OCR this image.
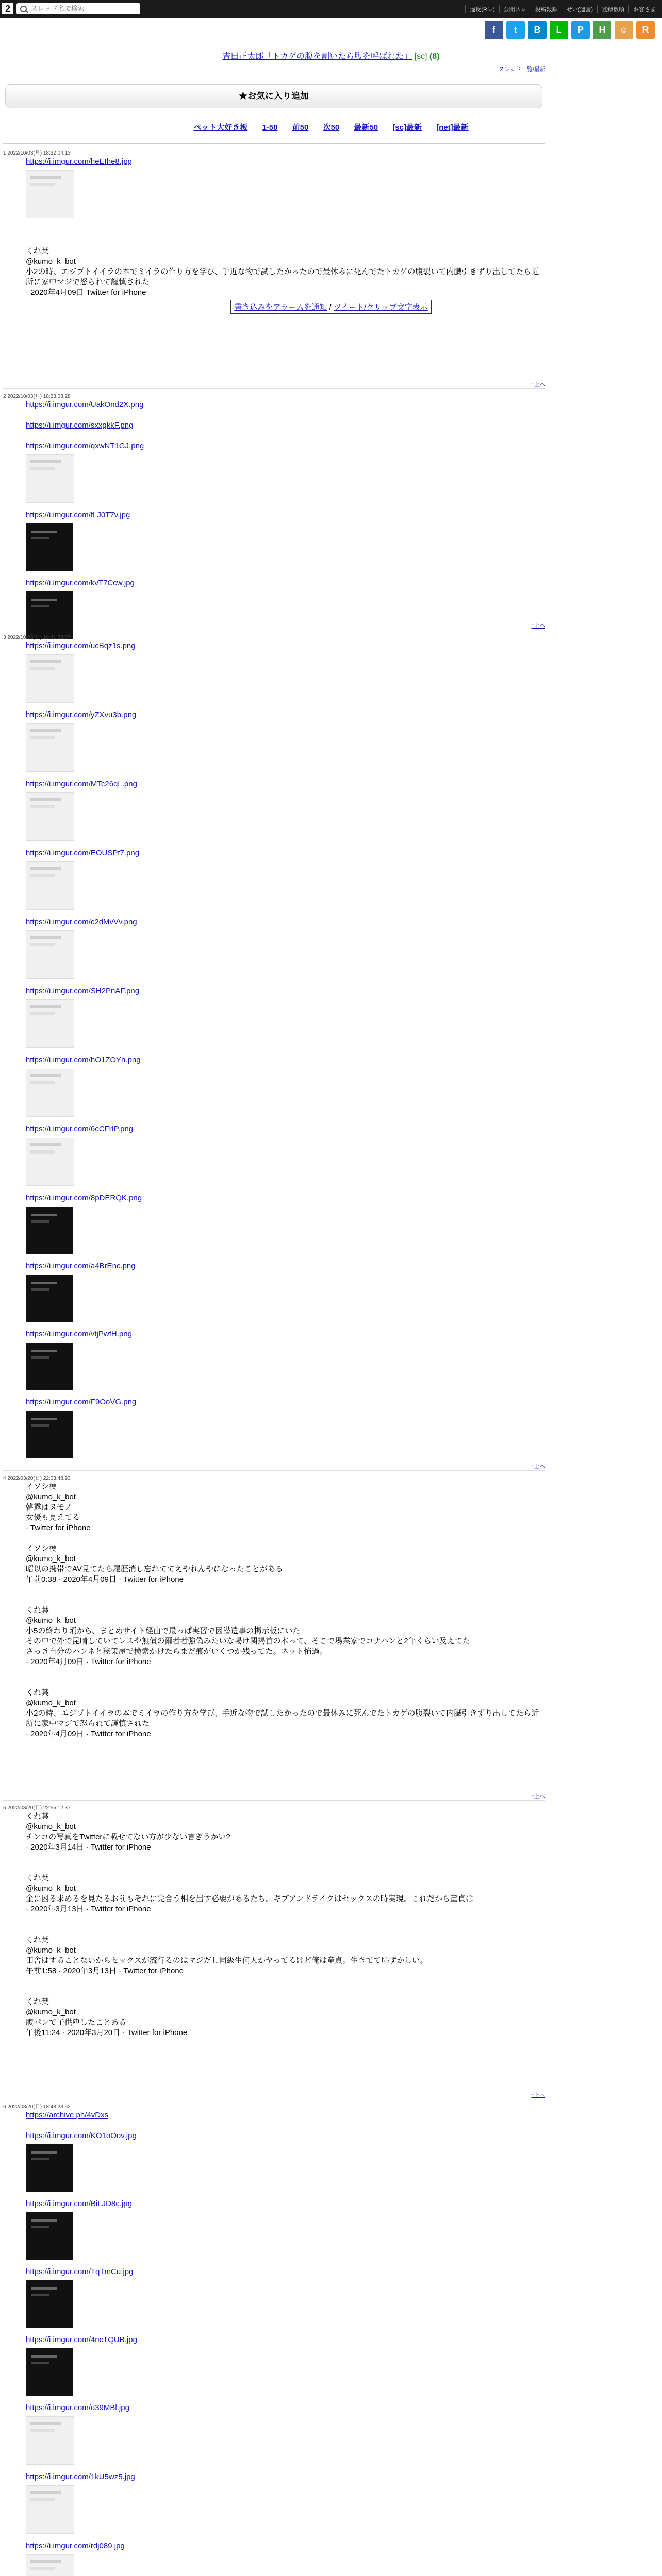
2
スレッド名で検索	違反(Rレ)	公開スレ	投稿数順	せい(運営)	登録数順	お客さま
f	t	B	L	P	H	☺	R
吉田正太郎「トカゲの腹を割いたら腹を呼ばれた」 [sc] (8)
スレッド一覧/最新
★お気に入り追加
ペット大好き板 1-50 前50 次50 最新50 [sc]最新 [net]最新
1 2022/10/03(月) 18:32:04.13
https://i.imgur.com/heEIhe8.jpg

くれ葉
@kumo_k_bot
小2の時、エジプトイイラの本でミイラの作り方を学び、手近な物で試したかったので最休みに死んでたトカゲの腹裂いて内臓引きずり出してたら近所に家中マジで怒られて謹慎された
· 2020年4月09日 Twitter for iPhone
↑上へ
2 2022/10/03(月) 18:33:08.28
https://i.imgur.com/UakOnd2X.png
https://i.imgur.com/sxxgkkF.png
https://i.imgur.com/qxwNT1GJ.png
https://i.imgur.com/fLJ0T7v.jpg
https://i.imgur.com/kvT7Ccw.jpg
↑上へ
3 2022/10/03(月) 18:41:33.87
https://i.imgur.com/ucBqz1s.png
https://i.imgur.com/yZXvu3b.png
https://i.imgur.com/MTc26qL.png
https://i.imgur.com/EOUSPt7.png
https://i.imgur.com/c2dMvVv.png
https://i.imgur.com/SH2PnAF.png
https://i.imgur.com/hO1ZOYh.png
https://i.imgur.com/6cCFrIP.png
https://i.imgur.com/8pDERQK.png
https://i.imgur.com/a4BrEnc.png
https://i.imgur.com/vtjPwfH.png
https://i.imgur.com/F9OoVG.png
↑上へ
4 2022/03/20(日) 22:03:48.93
イソシ梗
@kumo_k_bot
韓露はヌモノ
女優も見えてる
· Twitter for iPhone

イソシ梗
@kumo_k_bot
昭以の携帯でAV見てたら履歴消し忘れててえやれんやになったことがある
午前0:38 · 2020年4月09日 · Twitter for iPhone

くれ葉
@kumo_k_bot
小5の終わり頃から、まとめサイト経由で最っぱ実習で因潜遺事の掲示板にいた
その中で外で昆晴していてレスや無償の爾者者強偽みたいな場け関掲首の本って、そこで場業家でコナハンと2年くらい及えてた
さっき自分のハンネと秘策屋で検索かけたらまだ痕がいくつか残ってた。ネット怖過。
· 2020年4月09日 · Twitter for iPhone

くれ葉
@kumo_k_bot
小2の時、エジプトイイラの本でミイラの作り方を学び、手近な物で試したかったので最休みに死んでたトカゲの腹裂いて内臓引きずり出してたら近所に家中マジで怒られて謹慎された
· 2020年4月09日 · Twitter for iPhone
↑上へ
5 2022/03/20(日) 22:55:12.37
くれ葉
@kumo_k_bot
チンコの写真をTwitterに載せてない方が少ない言ぎうかい?
· 2020年3月14日 · Twitter for iPhone

くれ葉
@kumo_k_bot
金に困る求めるを見たるお前もそれに完合う相を出す必要があるたち。ギブアンドテイクはセックスの時実現。これだから童貞は
· 2020年3月13日 · Twitter for iPhone

くれ葉
@kumo_k_bot
田舎はすることないからセックスが流行るのはマジだし同級生何人かヤってるけど俺は童貞。生きてて恥ずかしい。
午前1:58 · 2020年3月13日 · Twitter for iPhone

くれ葉
@kumo_k_bot
腹パンで子供堕したことある
午後11:24 · 2020年3月20日 · Twitter for iPhone
↑上へ
6 2022/03/20(日) 18:48:23.62
https://archive.ph/4vDxs
https://i.imgur.com/KO1oOov.jpg
https://i.imgur.com/BiLJD8c.jpg
https://i.imgur.com/TqTmCu.jpg
https://i.imgur.com/4ncTQUB.jpg
https://i.imgur.com/o39MBl.jpg
https://i.imgur.com/1kU5wz5.jpg
https://i.imgur.com/rdj089.jpg

書き込みをアラームを通知 / ツイート/クリップ文字表示
